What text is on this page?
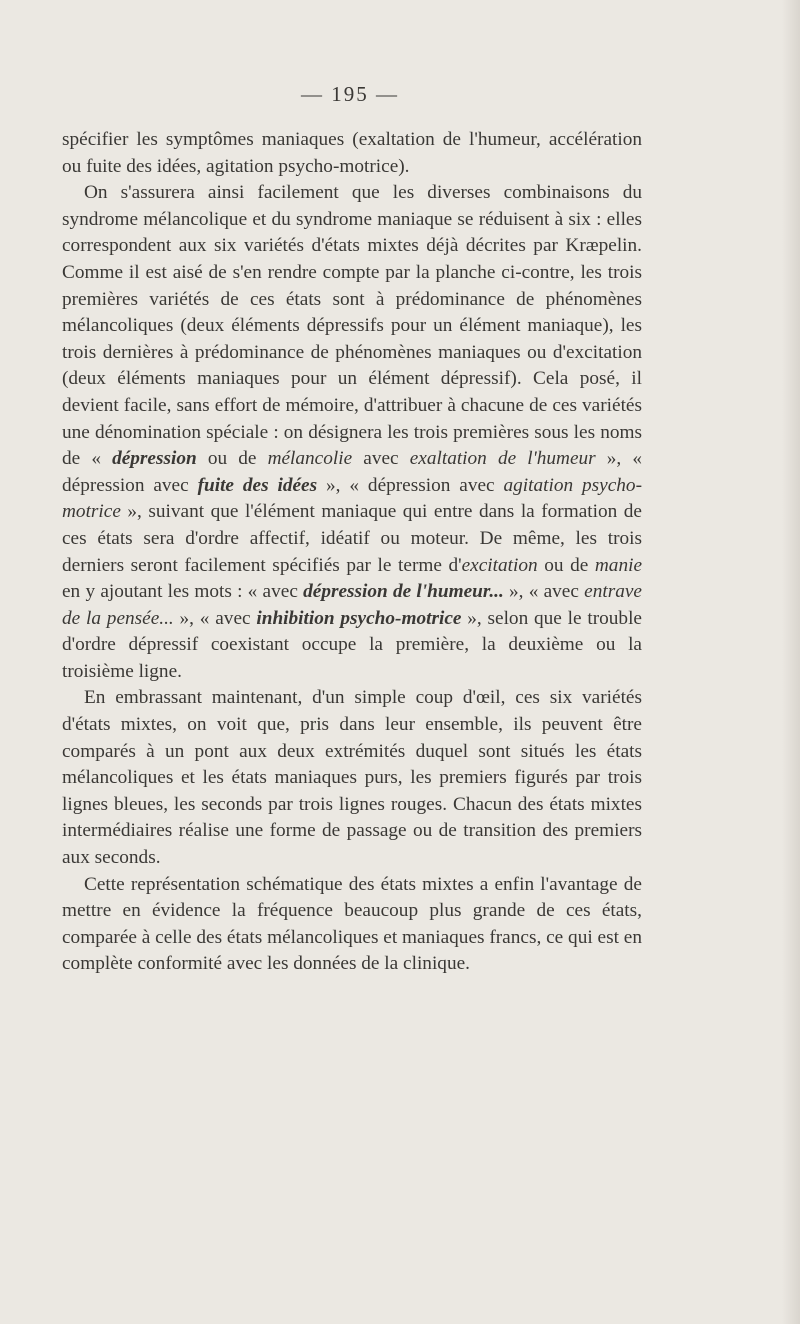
— 195 —

spécifier les symptômes maniaques (exaltation de l'humeur, accélération ou fuite des idées, agitation psycho-motrice).

On s'assurera ainsi facilement que les diverses combinaisons du syndrome mélancolique et du syndrome maniaque se réduisent à six : elles correspondent aux six variétés d'états mixtes déjà décrites par Kræpelin. Comme il est aisé de s'en rendre compte par la planche ci-contre, les trois premières variétés de ces états sont à prédominance de phénomènes mélancoliques (deux éléments dépressifs pour un élément maniaque), les trois dernières à prédominance de phénomènes maniaques ou d'excitation (deux éléments maniaques pour un élément dépressif). Cela posé, il devient facile, sans effort de mémoire, d'attribuer à chacune de ces variétés une dénomination spéciale : on désignera les trois premières sous les noms de « dépression ou de mélancolie avec exaltation de l'humeur », « dépression avec fuite des idées », « dépression avec agitation psycho-motrice », suivant que l'élément maniaque qui entre dans la formation de ces états sera d'ordre affectif, idéatif ou moteur. De même, les trois derniers seront facilement spécifiés par le terme d'excitation ou de manie en y ajoutant les mots : « avec dépression de l'humeur... », « avec entrave de la pensée... », « avec inhibition psycho-motrice », selon que le trouble d'ordre dépressif coexistant occupe la première, la deuxième ou la troisième ligne.

En embrassant maintenant, d'un simple coup d'œil, ces six variétés d'états mixtes, on voit que, pris dans leur ensemble, ils peuvent être comparés à un pont aux deux extrémités duquel sont situés les états mélancoliques et les états maniaques purs, les premiers figurés par trois lignes bleues, les seconds par trois lignes rouges. Chacun des états mixtes intermédiaires réalise une forme de passage ou de transition des premiers aux seconds.

Cette représentation schématique des états mixtes a enfin l'avantage de mettre en évidence la fréquence beaucoup plus grande de ces états, comparée à celle des états mélancoliques et maniaques francs, ce qui est en complète conformité avec les données de la clinique.
